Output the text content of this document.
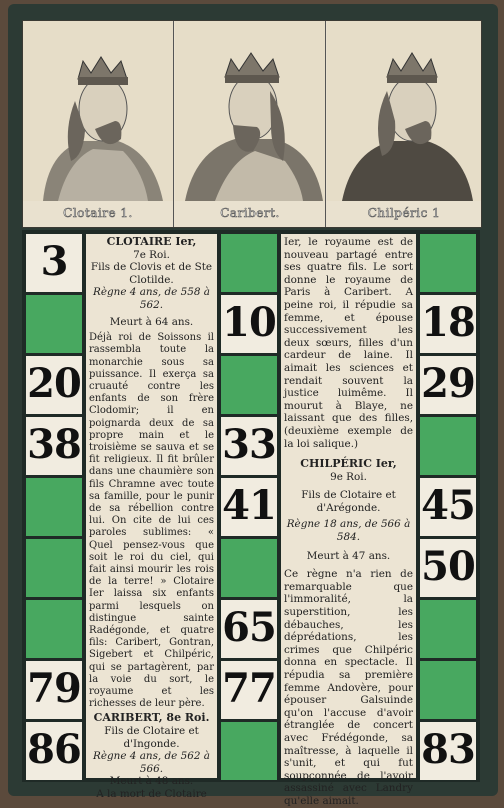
Clotaire 1.	Caribert.	Chilpéric 1
3
20
38
79
86
10
33
41
65
77
18
29
45
50
83

CLOTAIRE Ier,

7e Roi.

Fils de Clovis et de Ste Clotilde.

Règne 4 ans, de 558 à 562.

Meurt à 64 ans.

Déjà roi de Soissons il rassembla toute la monarchie sous sa puissance. Il exerça sa cruauté contre les enfants de son frère Clodomir; il en poignarda deux de sa propre main et le troisième se sauva et se fit religieux. Il fit brûler dans une chaumière son fils Chramne avec toute sa famille, pour le punir de sa rébellion contre lui. On cite de lui ces paroles sublimes: « Quel pensez-vous que soit le roi du ciel, qui fait ainsi mourir les rois de la terre! » Clotaire Ier laissa six enfants parmi lesquels on distingue sainte Radégonde, et quatre fils: Caribert, Gontran, Sigebert et Chilpéric, qui se partagèrent, par la voie du sort, le royaume et les richesses de leur père.

CARIBERT, 8e Roi.

Fils de Clotaire et d'Ingonde.

Règne 4 ans, de 562 à 566.

Meurt à 48 ans.

A la mort de Clotaire

Ier, le royaume est de nouveau partagé entre ses quatre fils. Le sort donne le royaume de Paris à Caribert. A peine roi, il répudie sa femme, et épouse successivement les deux sœurs, filles d'un cardeur de laine. Il aimait les sciences et rendait souvent la justice luimême. Il mourut à Blaye, ne laissant que des filles, (deuxième exemple de la loi salique.)

CHILPÉRIC Ier,

9e Roi.

Fils de Clotaire et d'Arégonde.

Règne 18 ans, de 566 à 584.

Meurt à 47 ans.

Ce règne n'a rien de remarquable que l'immoralité, la superstition, les débauches, les déprédations, les crimes que Chilpéric donna en spectacle. Il répudia sa première femme Andovère, pour épouser Galsuinde qu'on l'accuse d'avoir étranglée de concert avec Frédégonde, sa maîtresse, à laquelle il s'unit, et qui fut soupçonnée de l'avoir assassiné avec Landry qu'elle aimait.
